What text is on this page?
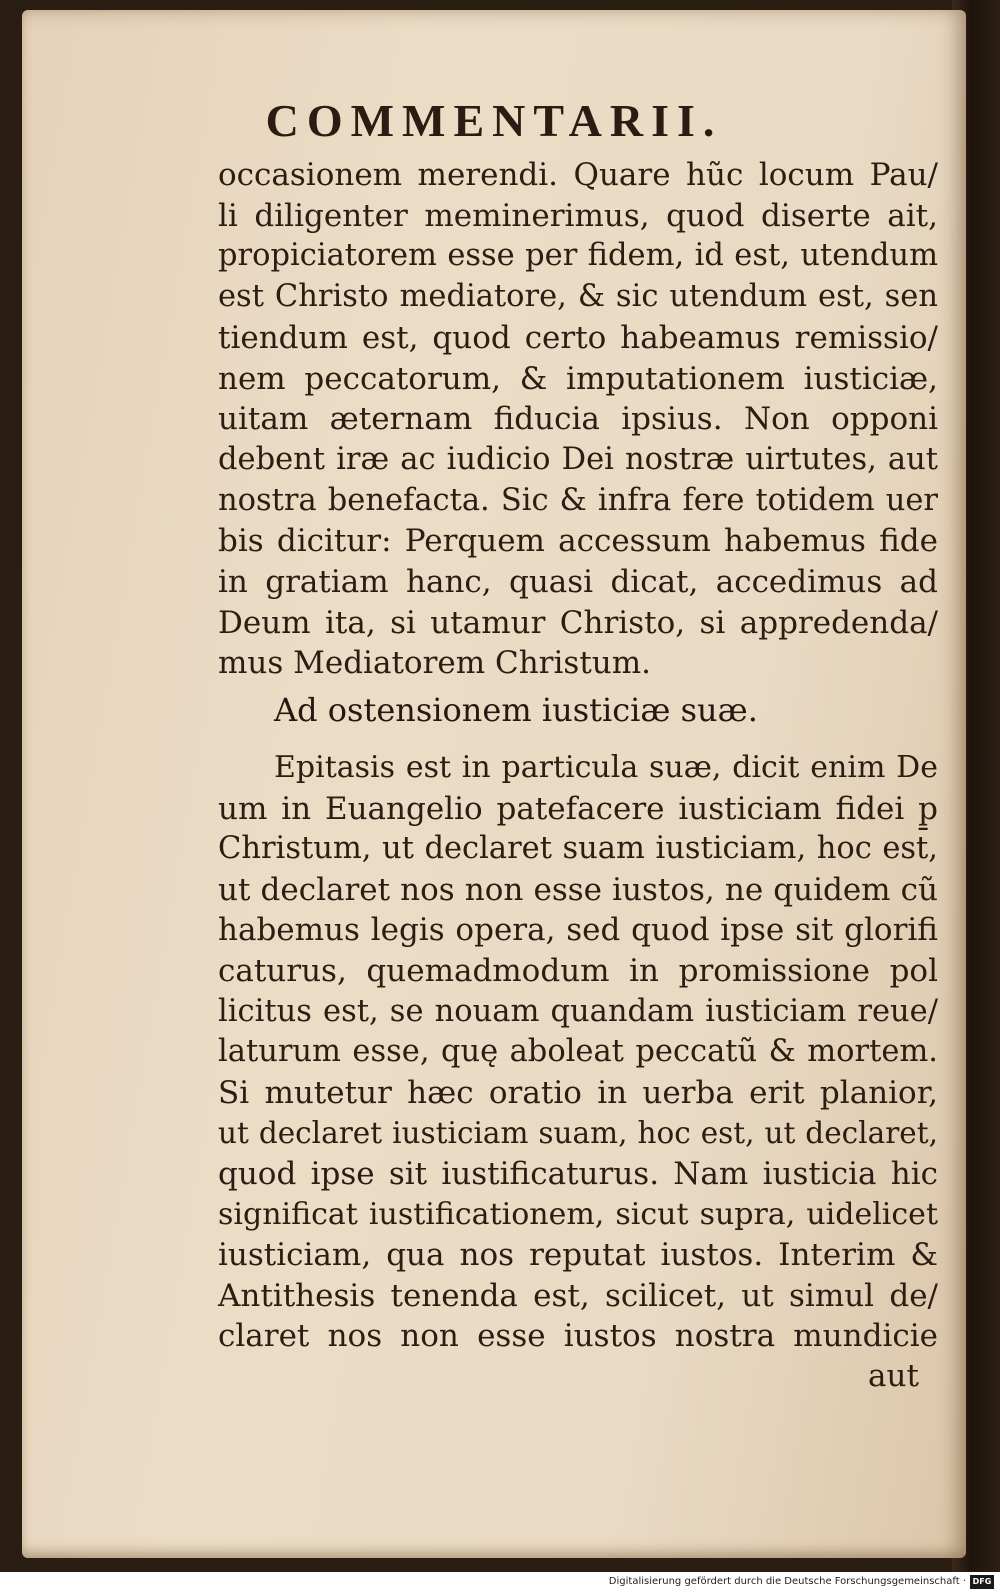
COMMENTARII.
occasionem merendi. Quare hũc locum Pau/
li diligenter meminerimus, quod diserte ait,
propiciatorem esse per fidem, id est, utendum
est Christo mediatore, & sic utendum est, sen
tiendum est, quod certo habeamus remissio/
nem peccatorum, & imputationem iusticiæ,
uitam æternam fiducia ipsius. Non opponi
debent iræ ac iudicio Dei nostræ uirtutes, aut
nostra benefacta. Sic & infra fere totidem uer
bis dicitur: Perquem accessum habemus fide
in gratiam hanc, quasi dicat, accedimus ad
Deum ita, si utamur Christo, si appredenda/
mus Mediatorem Christum.
Ad ostensionem iusticiæ suæ.
Epitasis est in particula suæ, dicit enim De
um in Euangelio patefacere iusticiam fidei p̱
Christum, ut declaret suam iusticiam, hoc est,
ut declaret nos non esse iustos, ne quidem cũ
habemus legis opera, sed quod ipse sit glorifi
caturus, quemadmodum in promissione pol
licitus est, se nouam quandam iusticiam reue/
laturum esse, quę aboleat peccatũ & mortem.
Si mutetur hæc oratio in uerba erit planior,
ut declaret iusticiam suam, hoc est, ut declaret,
quod ipse sit iustificaturus. Nam iusticia hic
significat iustificationem, sicut supra, uidelicet
iusticiam, qua nos reputat iustos. Interim &
Antithesis tenenda est, scilicet, ut simul de/
claret nos non esse iustos nostra mundicie
aut
Digitalisierung gefördert durch die Deutsche Forschungsgemeinschaft · DFG
